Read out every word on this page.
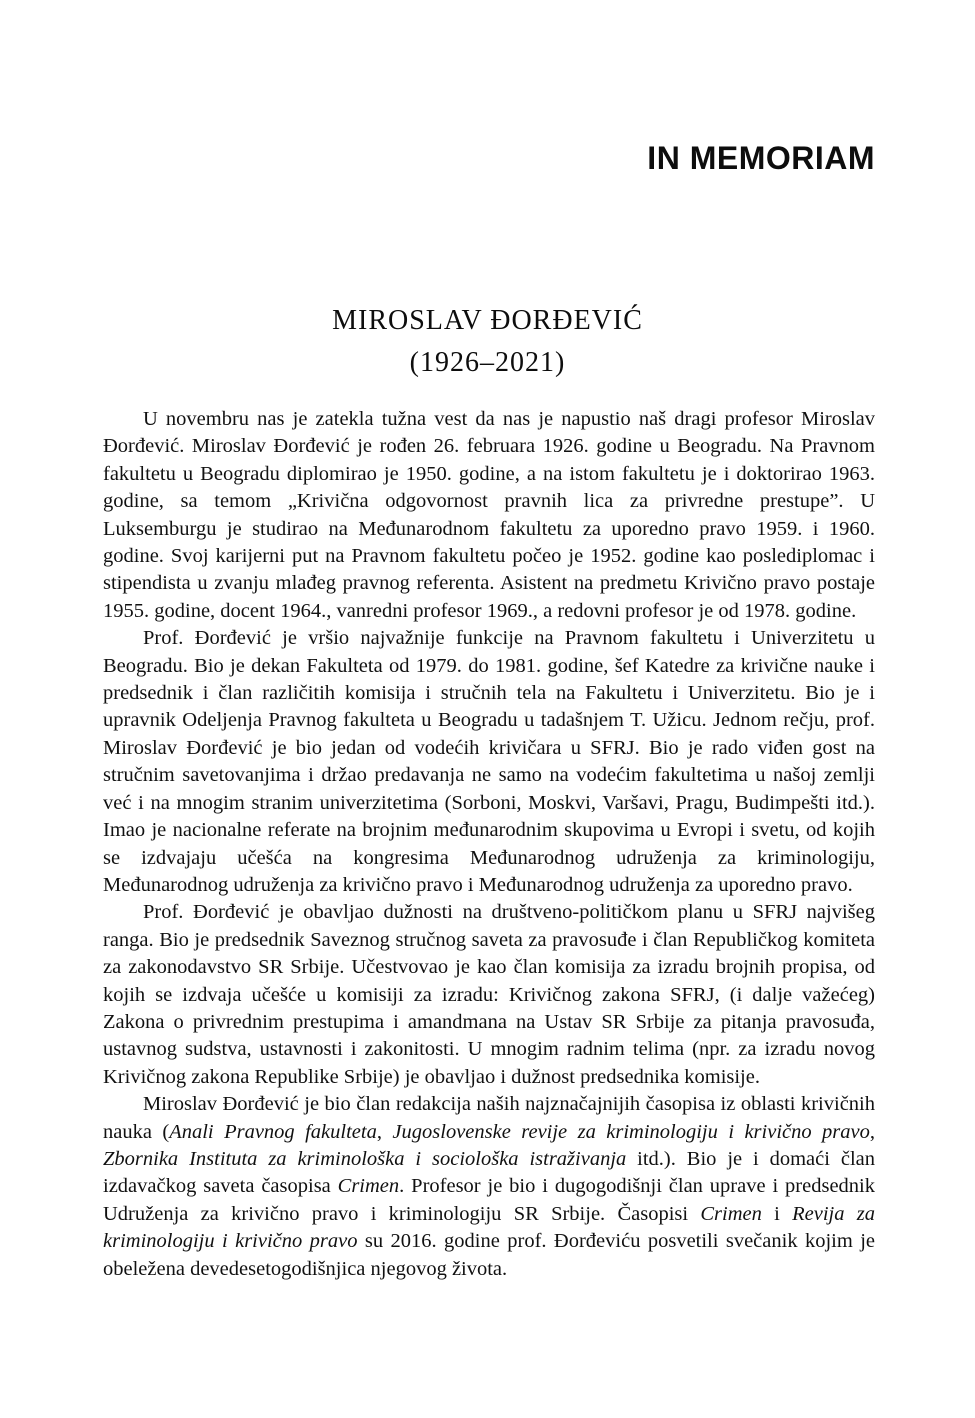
IN MEMORIAM
MIROSLAV ĐORĐEVIĆ
(1926–2021)

U novembru nas je zatekla tužna vest da nas je napustio naš dragi profesor Miroslav Đorđević. Miroslav Đorđević je rođen 26. februara 1926. godine u Beogradu. Na Pravnom fakultetu u Beogradu diplomirao je 1950. godine, a na istom fakultetu je i doktorirao 1963. godine, sa temom „Krivična odgovornost pravnih lica za privredne prestupe”. U Luksemburgu je studirao na Međunarodnom fakultetu za uporedno pravo 1959. i 1960. godine. Svoj karijerni put na Pravnom fakultetu počeo je 1952. godine kao poslediplomac i stipendista u zvanju mlađeg pravnog referenta. Asistent na predmetu Krivično pravo postaje 1955. godine, docent 1964., vanredni profesor 1969., a redovni profesor je od 1978. godine.

Prof. Đorđević je vršio najvažnije funkcije na Pravnom fakultetu i Univerzitetu u Beogradu. Bio je dekan Fakulteta od 1979. do 1981. godine, šef Katedre za krivične nauke i predsednik i član različitih komisija i stručnih tela na Fakultetu i Univerzitetu. Bio je i upravnik Odeljenja Pravnog fakulteta u Beogradu u tadašnjem T. Užicu. Jednom rečju, prof. Miroslav Đorđević je bio jedan od vodećih krivičara u SFRJ. Bio je rado viđen gost na stručnim savetovanjima i držao predavanja ne samo na vodećim fakultetima u našoj zemlji već i na mnogim stranim univerzitetima (Sorboni, Moskvi, Varšavi, Pragu, Budimpešti itd.). Imao je nacionalne referate na brojnim međunarodnim skupovima u Evropi i svetu, od kojih se izdvajaju učešća na kongresima Međunarodnog udruženja za kriminologiju, Međunarodnog udruženja za krivično pravo i Međunarodnog udruženja za uporedno pravo.

Prof. Đorđević je obavljao dužnosti na društveno-političkom planu u SFRJ najvišeg ranga. Bio je predsednik Saveznog stručnog saveta za pravosuđe i član Republičkog komiteta za zakonodavstvo SR Srbije. Učestvovao je kao član komisija za izradu brojnih propisa, od kojih se izdvaja učešće u komisiji za izradu: Krivičnog zakona SFRJ, (i dalje važećeg) Zakona o privrednim prestupima i amandmana na Ustav SR Srbije za pitanja pravosuđa, ustavnog sudstva, ustavnosti i zakonitosti. U mnogim radnim telima (npr. za izradu novog Krivičnog zakona Republike Srbije) je obavljao i dužnost predsednika komisije.

Miroslav Đorđević je bio član redakcija naših najznačajnijih časopisa iz oblasti krivičnih nauka (Anali Pravnog fakulteta, Jugoslovenske revije za kriminologiju i krivično pravo, Zbornika Instituta za kriminološka i sociološka istraživanja itd.). Bio je i domaći član izdavačkog saveta časopisa Crimen. Profesor je bio i dugogodišnji član uprave i predsednik Udruženja za krivično pravo i kriminologiju SR Srbije. Časopisi Crimen i Revija za kriminologiju i krivično pravo su 2016. godine prof. Đorđeviću posvetili svečanik kojim je obeležena devedesetogodišnjica njegovog života.
